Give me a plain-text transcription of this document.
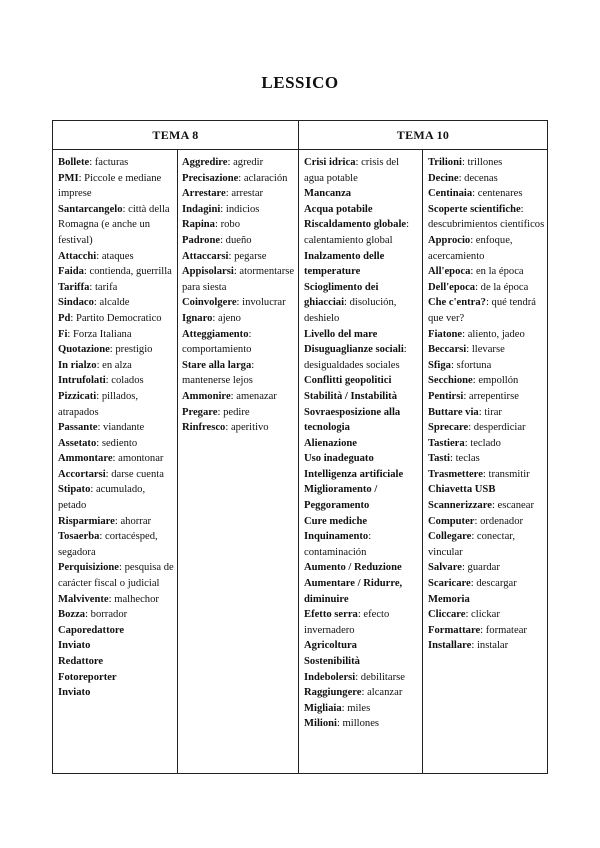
LESSICO
TEMA 8	TEMA 10
Bollete: facturas
PMI: Piccole e mediane imprese
Santarcangelo: città della Romagna (e anche un festival)
Attacchi: ataques
Faida: contienda, guerrilla
Tariffa: tarifa
Sindaco: alcalde
Pd: Partito Democratico
Fi: Forza Italiana
Quotazione: prestigio
In rialzo: en alza
Intrufolati: colados
Pizzicati: pillados, atrapados
Passante: viandante
Assetato: sediento
Ammontare: amontonar
Accortarsi: darse cuenta
Stipato: acumulado, petado
Risparmiare: ahorrar
Tosaerba: cortacésped, segadora
Perquisizione: pesquisa de carácter fiscal o judicial
Malvivente: malhechor
Bozza: borrador
Caporedattore
Inviato
Redattore
Fotoreporter
Inviato
Aggredire: agredir
Precisazione: aclaración
Arrestare: arrestar
Indagini: indicios
Rapina: robo
Padrone: dueño
Attaccarsi: pegarse
Appisolarsi: atormentarse para siesta
Coinvolgere: involucrar
Ignaro: ajeno
Atteggiamento: comportamiento
Stare alla larga: mantenerse lejos
Ammonire: amenazar
Pregare: pedire
Rinfresco: aperitivo
Crisi idrica: crisis del agua potable
Mancanza
Acqua potabile
Riscaldamento globale: calentamiento global
Inalzamento delle temperature
Scioglimento dei ghiacciai: disolución, deshielo
Livello del mare
Disuguaglianze sociali: desigualdades sociales
Conflitti geopolitici
Stabilità / Instabilità
Sovraesposizione alla tecnologia
Alienazione
Uso inadeguato
Intelligenza artificiale
Miglioramento / Peggoramento
Cure mediche
Inquinamento: contaminación
Aumento / Reduzione
Aumentare / Ridurre, diminuire
Efetto serra: efecto invernadero
Agricoltura
Sostenibilità
Indebolersi: debilitarse
Raggiungere: alcanzar
Migliaia: miles
Milioni: millones
Trilioni: trillones
Decine: decenas
Centinaia: centenares
Scoperte scientifiche: descubrimientos científicos
Approcio: enfoque, acercamiento
All'epoca: en la época
Dell'epoca: de la época
Che c'entra?: qué tendrá que ver?
Fiatone: aliento, jadeo
Beccarsi: llevarse
Sfiga: sfortuna
Secchione: empollón
Pentirsi: arrepentirse
Buttare via: tirar
Sprecare: desperdiciar
Tastiera: teclado
Tasti: teclas
Trasmettere: transmitir
Chiavetta USB
Scannerizzare: escanear
Computer: ordenador
Collegare: conectar, vincular
Salvare: guardar
Scaricare: descargar
Memoria
Cliccare: clickar
Formattare: formatear
Installare: instalar
